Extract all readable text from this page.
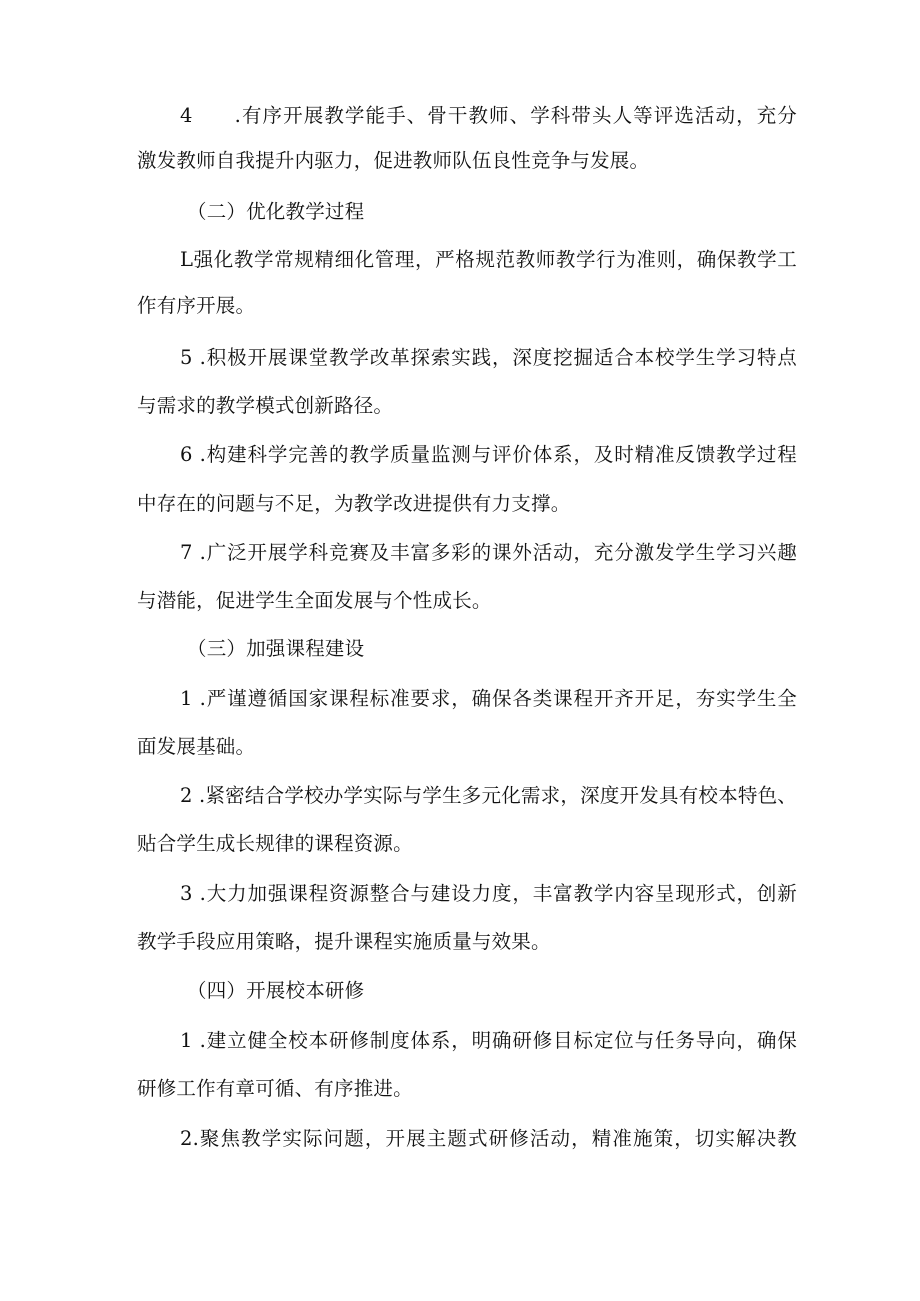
4　　.有序开展教学能手、骨干教师、学科带头人等评选活动，充分
激发教师自我提升内驱力，促进教师队伍良性竞争与发展。
（二）优化教学过程
L强化教学常规精细化管理，严格规范教师教学行为准则，确保教学工
作有序开展。
5 .积极开展课堂教学改革探索实践，深度挖掘适合本校学生学习特点
与需求的教学模式创新路径。
6 .构建科学完善的教学质量监测与评价体系，及时精准反馈教学过程
中存在的问题与不足，为教学改进提供有力支撑。
7 .广泛开展学科竞赛及丰富多彩的课外活动，充分激发学生学习兴趣
与潜能，促进学生全面发展与个性成长。
（三）加强课程建设
1 .严谨遵循国家课程标准要求，确保各类课程开齐开足，夯实学生全
面发展基础。
2 .紧密结合学校办学实际与学生多元化需求，深度开发具有校本特色、
贴合学生成长规律的课程资源。
3 .大力加强课程资源整合与建设力度，丰富教学内容呈现形式，创新
教学手段应用策略，提升课程实施质量与效果。
（四）开展校本研修
1 .建立健全校本研修制度体系，明确研修目标定位与任务导向，确保
研修工作有章可循、有序推进。
2.聚焦教学实际问题，开展主题式研修活动，精准施策，切实解决教
